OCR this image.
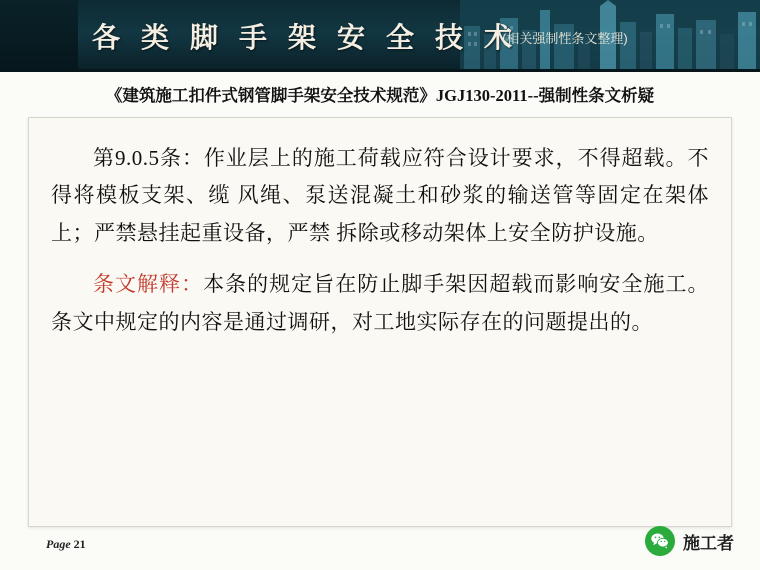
各 类 脚 手 架 安 全 技 术
(相关强制性条文整理)
《建筑施工扣件式钢管脚手架安全技术规范》JGJ130-2011--强制性条文析疑

第9.0.5条：作业层上的施工荷载应符合设计要求，不得超载。不得将模板支架、缆 风绳、泵送混凝土和砂浆的输送管等固定在架体上；严禁悬挂起重设备，严禁 拆除或移动架体上安全防护设施。

条文解释：本条的规定旨在防止脚手架因超载而影响安全施工。条文中规定的内容是通过调研，对工地实际存在的问题提出的。

Page 21	施工者
